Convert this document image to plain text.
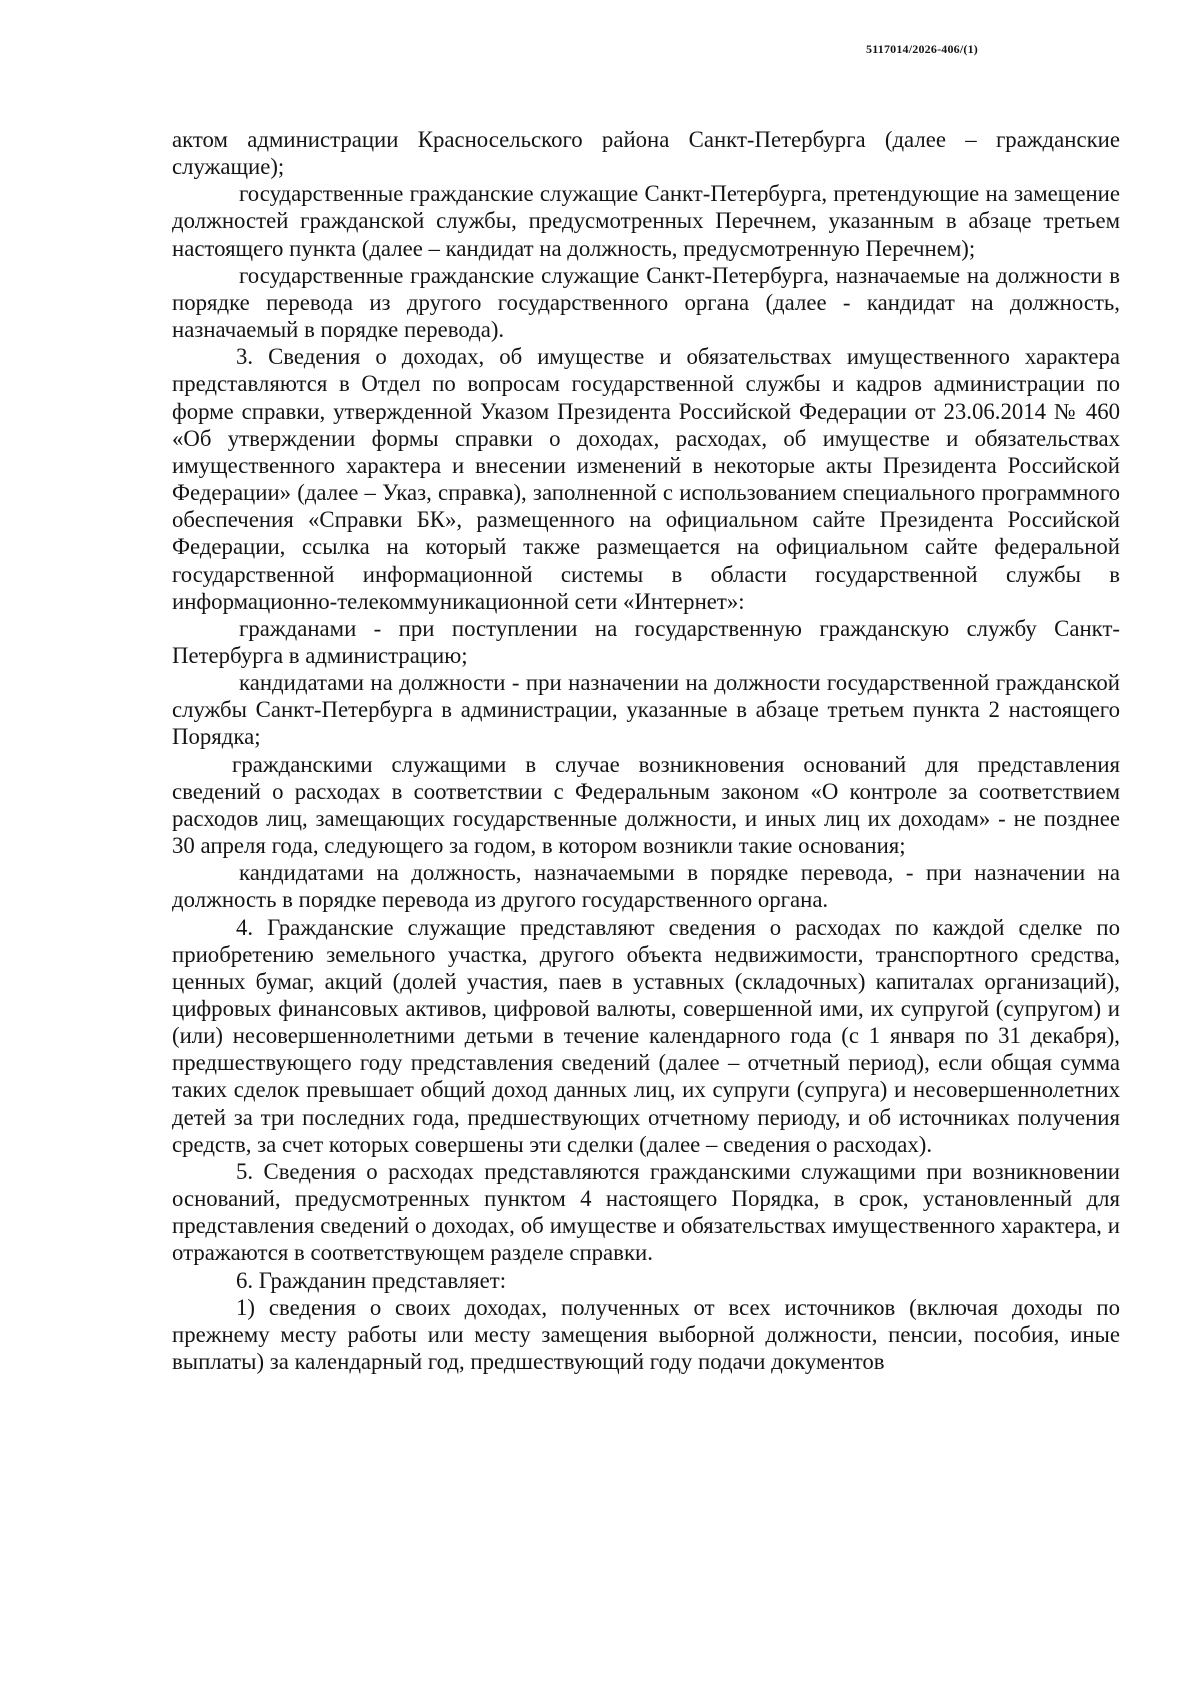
5117014/2026-406/(1)

актом администрации Красносельского района Санкт-Петербурга (далее – гражданские служащие);

государственные гражданские служащие Санкт-Петербурга, претендующие на замещение должностей гражданской службы, предусмотренных Перечнем, указанным в абзаце третьем настоящего пункта (далее – кандидат на должность, предусмотренную Перечнем);

государственные гражданские служащие Санкт-Петербурга, назначаемые на должности в порядке перевода из другого государственного органа (далее - кандидат на должность, назначаемый в порядке перевода).

3. Сведения о доходах, об имуществе и обязательствах имущественного характера представляются в Отдел по вопросам государственной службы и кадров администрации по форме справки, утвержденной Указом Президента Российской Федерации от 23.06.2014 № 460 «Об утверждении формы справки о доходах, расходах, об имуществе и обязательствах имущественного характера и внесении изменений в некоторые акты Президента Российской Федерации» (далее – Указ, справка), заполненной с использованием специального программного обеспечения «Справки БК», размещенного на официальном сайте Президента Российской Федерации, ссылка на который также размещается на официальном сайте федеральной государственной информационной системы в области государственной службы в информационно-телекоммуникационной сети «Интернет»:

гражданами - при поступлении на государственную гражданскую службу Санкт-Петербурга в администрацию;

кандидатами на должности - при назначении на должности государственной гражданской службы Санкт-Петербурга в администрации, указанные в абзаце третьем пункта 2 настоящего Порядка;

гражданскими служащими в случае возникновения оснований для представления сведений о расходах в соответствии с Федеральным законом «О контроле за соответствием расходов лиц, замещающих государственные должности, и иных лиц их доходам» - не позднее 30 апреля года, следующего за годом, в котором возникли такие основания;

кандидатами на должность, назначаемыми в порядке перевода, - при назначении на должность в порядке перевода из другого государственного органа.

4. Гражданские служащие представляют сведения о расходах по каждой сделке по приобретению земельного участка, другого объекта недвижимости, транспортного средства, ценных бумаг, акций (долей участия, паев в уставных (складочных) капиталах организаций), цифровых финансовых активов, цифровой валюты, совершенной ими, их супругой (супругом) и (или) несовершеннолетними детьми в течение календарного года (с 1 января по 31 декабря), предшествующего году представления сведений (далее – отчетный период), если общая сумма таких сделок превышает общий доход данных лиц, их супруги (супруга) и несовершеннолетних детей за три последних года, предшествующих отчетному периоду, и об источниках получения средств, за счет которых совершены эти сделки (далее – сведения о расходах).

5. Сведения о расходах представляются гражданскими служащими при возникновении оснований, предусмотренных пунктом 4 настоящего Порядка, в срок, установленный для представления сведений о доходах, об имуществе и обязательствах имущественного характера, и отражаются в соответствующем разделе справки.

6. Гражданин представляет:

1) сведения о своих доходах, полученных от всех источников (включая доходы по прежнему месту работы или месту замещения выборной должности, пенсии, пособия, иные выплаты) за календарный год, предшествующий году подачи документов
